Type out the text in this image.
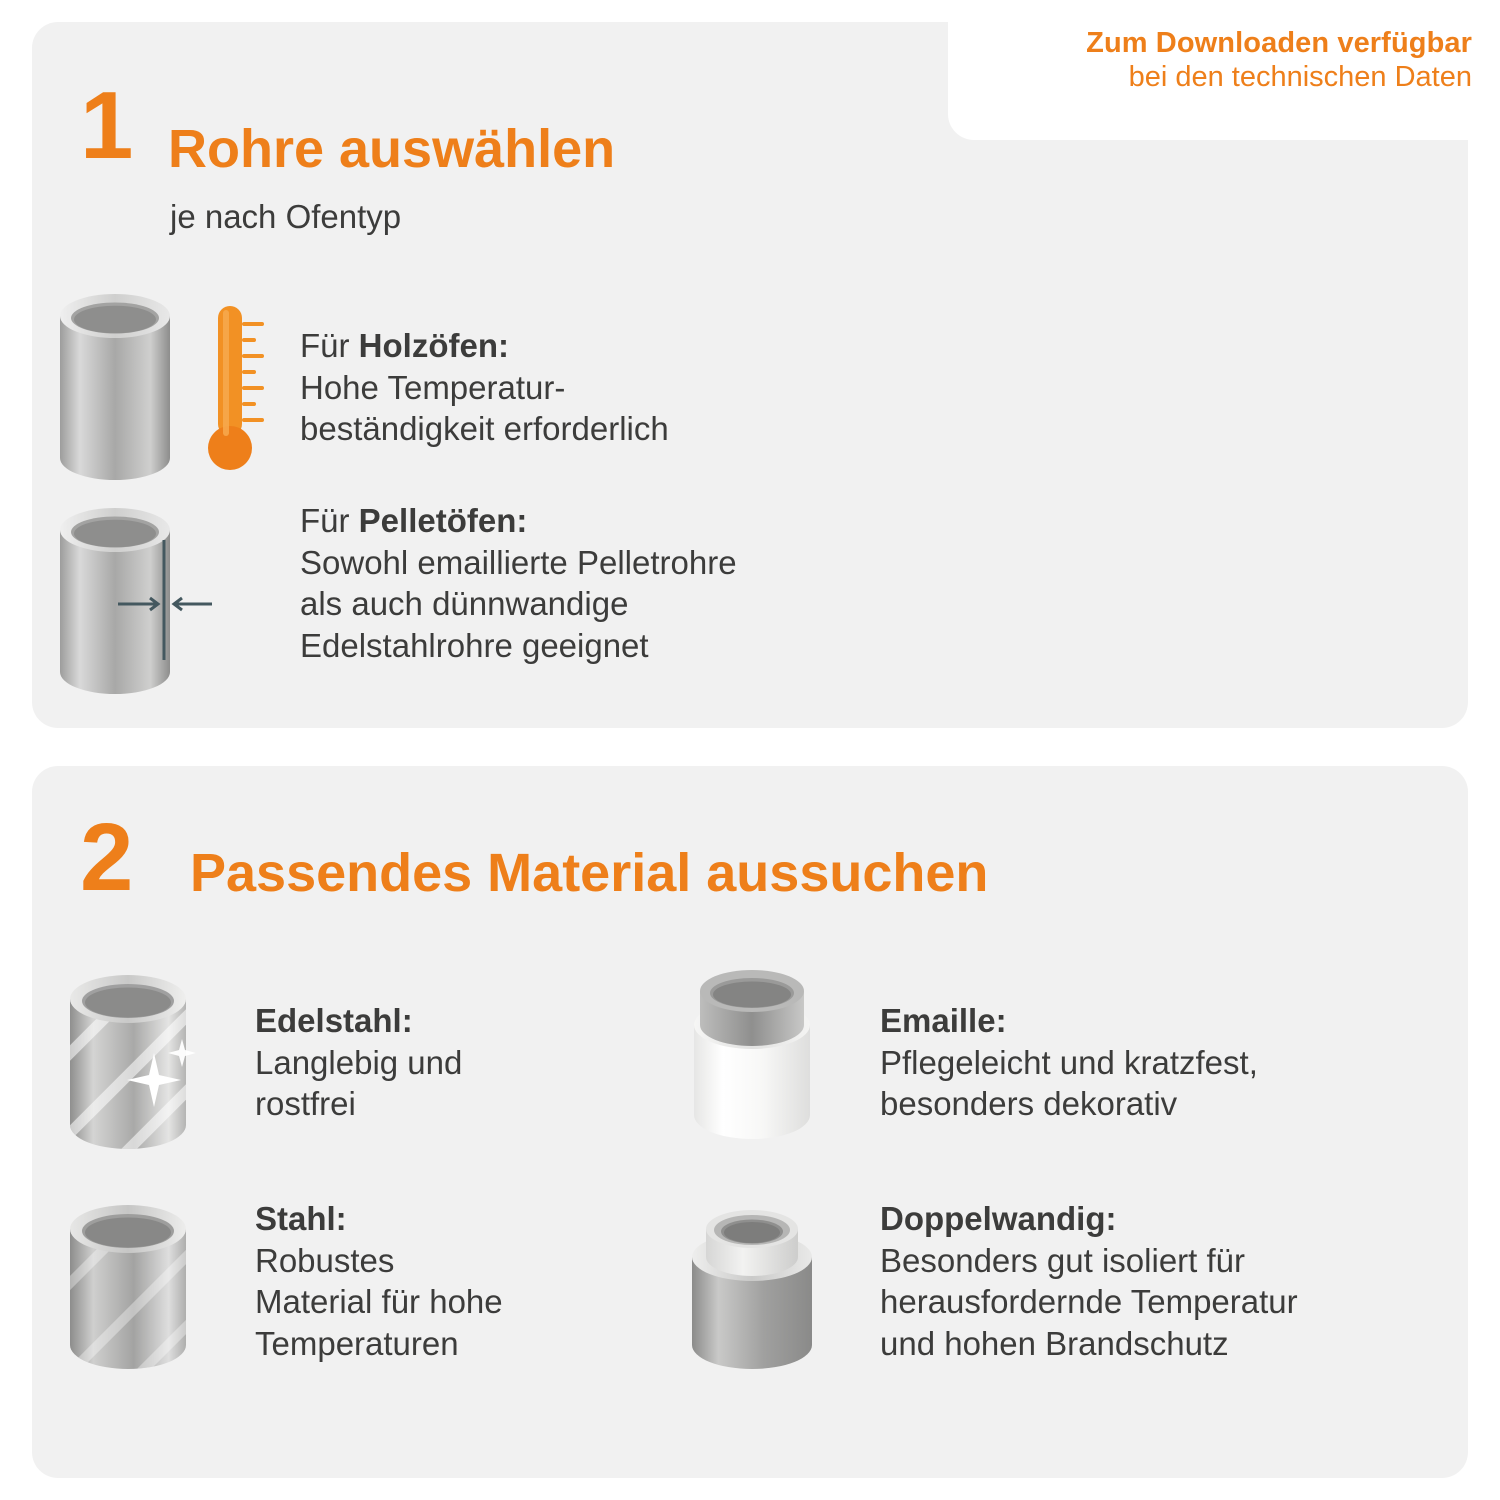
Zum Downloaden verfügbar
bei den technischen Daten
1 Rohre auswählen
je nach Ofentyp
Für Holzöfen:
Hohe Temperatur-
beständigkeit erforderlich
Für Pelletöfen:
Sowohl emaillierte Pelletrohre
als auch dünnwandige
Edelstahlrohre geeignet
2 Passendes Material aussuchen
Edelstahl:
Langlebig und
rostfrei
Stahl:
Robustes
Material für hohe
Temperaturen
Emaille:
Pflegeleicht und kratzfest,
besonders dekorativ
Doppelwandig:
Besonders gut isoliert für
herausfordernde Temperatur
und hohen Brandschutz
